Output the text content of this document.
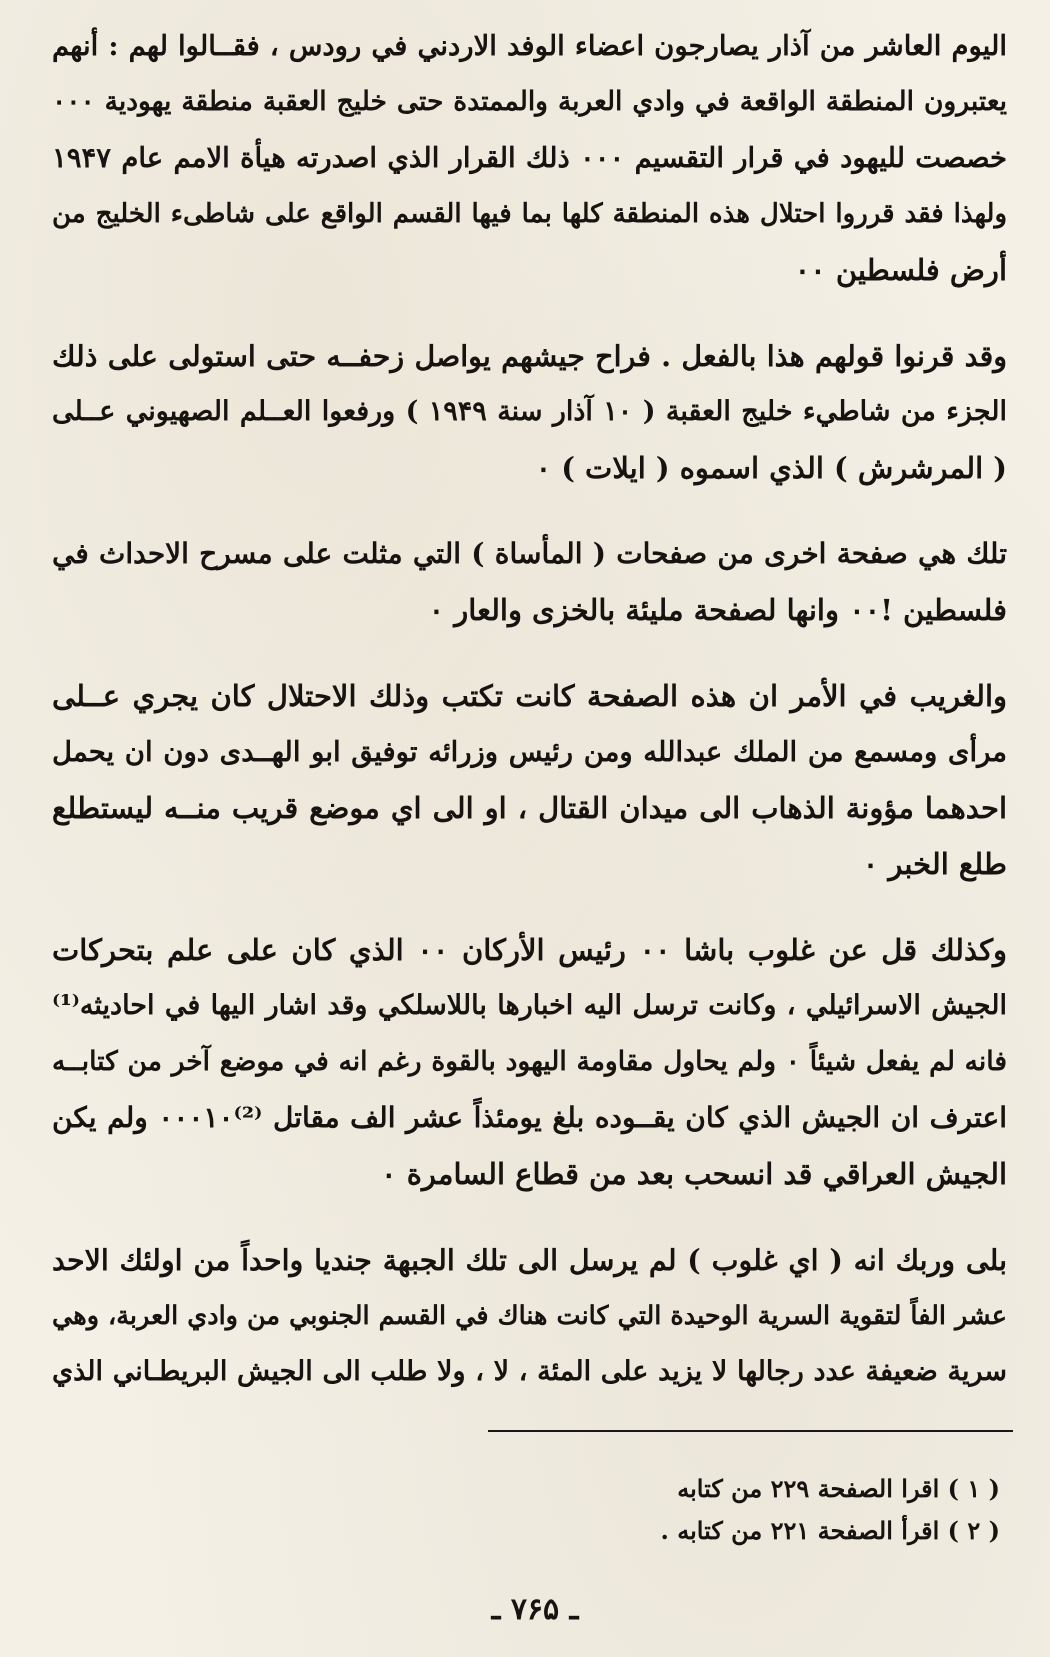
اليوم العاشر من آذار يصارجون اعضاء الوفد الاردني في رودس ، فقــالوا لهم : أنهم
يعتبرون المنطقة الواقعة في وادي العربة والممتدة حتى خليج العقبة منطقة يهودية ۰۰۰
خصصت لليهود في قرار التقسيم ۰۰۰ ذلك القرار الذي اصدرته هيأة الامم عام ۱۹۴۷
ولهذا فقد قرروا احتلال هذه المنطقة كلها بما فيها القسم الواقع على شاطىء الخليج من
أرض فلسطين ۰۰
وقد قرنوا قولهم هذا بالفعل . فراح جيشهم يواصل زحفــه حتى استولى على ذلك
الجزء من شاطيء خليج العقبة ( ۱۰ آذار سنة ۱۹۴۹ ) ورفعوا العــلم الصهيوني عــلى
( المرشرش ) الذي اسموه ( ايلات ) ۰
تلك هي صفحة اخرى من صفحات ( المأساة ) التي مثلت على مسرح الاحداث في
فلسطين !۰۰ وانها لصفحة مليئة بالخزى والعار ۰
والغريب في الأمر ان هذه الصفحة كانت تكتب وذلك الاحتلال كان يجري عــلى
مرأى ومسمع من الملك عبدالله ومن رئيس وزرائه توفيق ابو الهــدى دون ان يحمل
احدهما مؤونة الذهاب الى ميدان القتال ، او الى اي موضع قريب منــه ليستطلع
طلع الخبر ۰
وكذلك قل عن غلوب باشا ۰۰ رئيس الأركان ۰۰ الذي كان على علم بتحركات
الجيش الاسرائيلي ، وكانت ترسل اليه اخبارها باللاسلكي وقد اشار اليها في احاديثه⁽¹⁾
فانه لم يفعل شيئاً ۰ ولم يحاول مقاومة اليهود بالقوة رغم انه في موضع آخر من كتابــه
اعترف ان الجيش الذي كان يقــوده بلغ يومئذاً عشر الف مقاتل ⁽²⁾۰۰۰۱۰ ولم يكن
الجيش العراقي قد انسحب بعد من قطاع السامرة ۰
بلى وربك انه ( اي غلوب ) لم يرسل الى تلك الجبهة جنديا واحداً من اولئك الاحد
عشر الفاً لتقوية السرية الوحيدة التي كانت هناك في القسم الجنوبي من وادي العربة، وهي
سرية ضعيفة عدد رجالها لا يزيد على المئة ، لا ، ولا طلب الى الجيش البريطـاني الذي
( ۱ ) اقرا الصفحة ۲۲۹ من كتابه
( ۲ ) اقرأ الصفحة ۲۲۱ من كتابه .
ـ ۷۶۵ ـ
